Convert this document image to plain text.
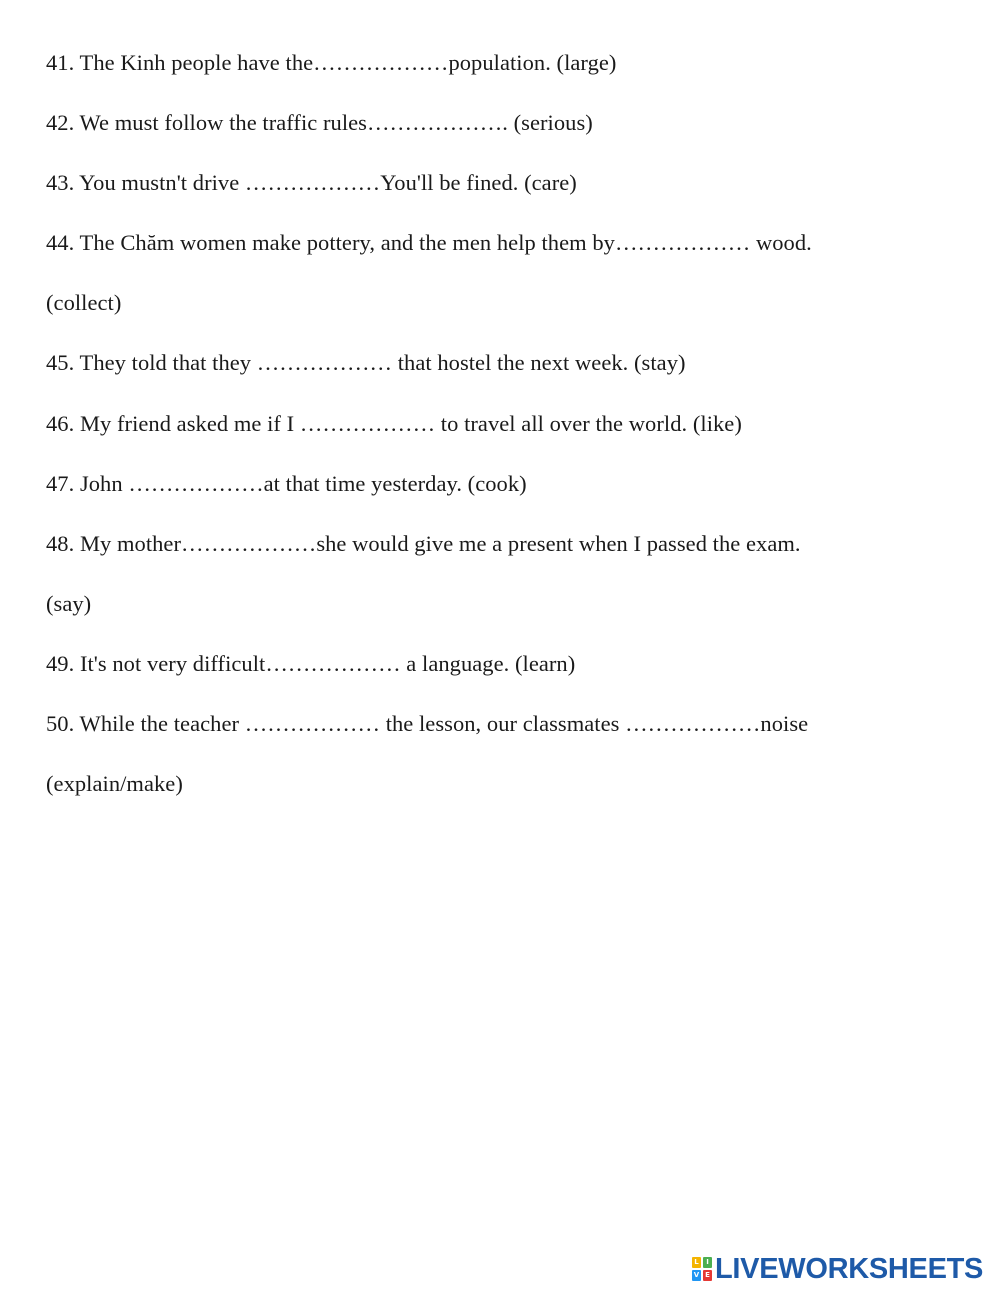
41. The Kinh people have the………………population. (large)
42. We must follow the traffic rules………………. (serious)
43. You mustn't drive ………………You'll be fined. (care)
44. The Chăm women make pottery, and the men help them by……………… wood.
(collect)
45. They told that they ……………… that hostel the next week. (stay)
46. My friend asked me if I ……………… to travel all over the world. (like)
47. John ………………at that time yesterday. (cook)
48. My mother………………she would give me a present when I passed the exam.
(say)
49. It's not very difficult……………… a language. (learn)
50. While the teacher ……………… the lesson, our classmates ………………noise
(explain/make)
L	I
V E LIVEWORKSHEETS
